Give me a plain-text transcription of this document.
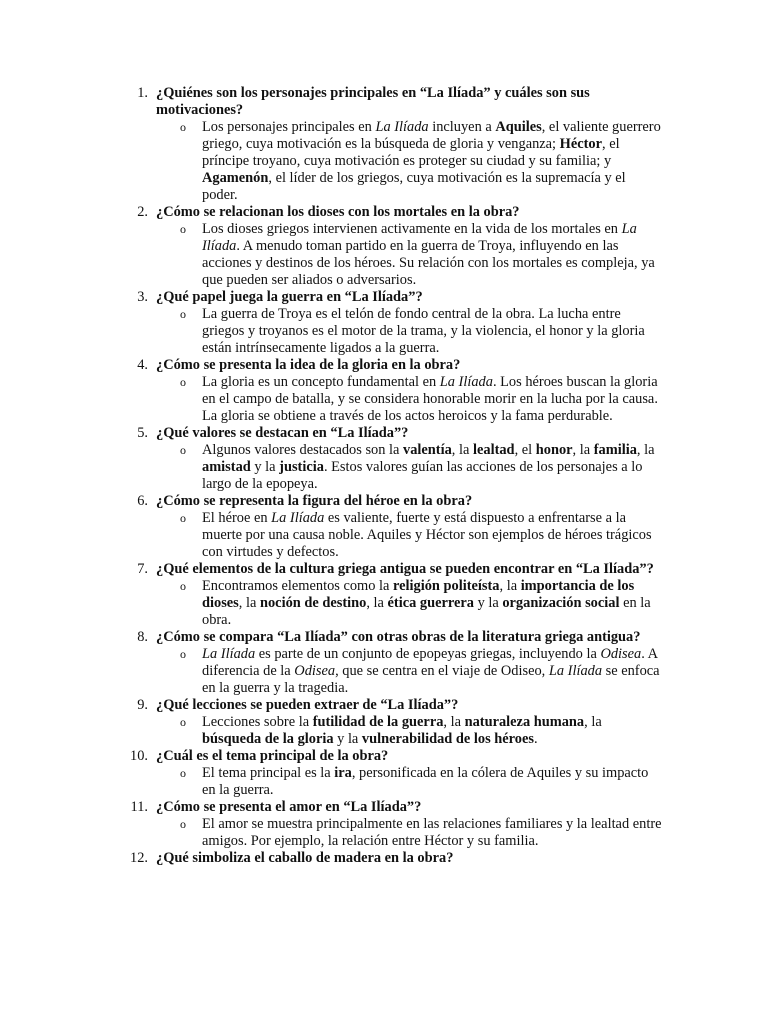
1. ¿Quiénes son los personajes principales en “La Ilíada” y cuáles son sus motivaciones?
o Los personajes principales en La Ilíada incluyen a Aquiles, el valiente guerrero griego, cuya motivación es la búsqueda de gloria y venganza; Héctor, el príncipe troyano, cuya motivación es proteger su ciudad y su familia; y Agamenón, el líder de los griegos, cuya motivación es la supremacía y el poder.
2. ¿Cómo se relacionan los dioses con los mortales en la obra?
o Los dioses griegos intervienen activamente en la vida de los mortales en La Ilíada. A menudo toman partido en la guerra de Troya, influyendo en las acciones y destinos de los héroes. Su relación con los mortales es compleja, ya que pueden ser aliados o adversarios.
3. ¿Qué papel juega la guerra en “La Ilíada”?
o La guerra de Troya es el telón de fondo central de la obra. La lucha entre griegos y troyanos es el motor de la trama, y la violencia, el honor y la gloria están intrínsecamente ligados a la guerra.
4. ¿Cómo se presenta la idea de la gloria en la obra?
o La gloria es un concepto fundamental en La Ilíada. Los héroes buscan la gloria en el campo de batalla, y se considera honorable morir en la lucha por la causa. La gloria se obtiene a través de los actos heroicos y la fama perdurable.
5. ¿Qué valores se destacan en “La Ilíada”?
o Algunos valores destacados son la valentía, la lealtad, el honor, la familia, la amistad y la justicia. Estos valores guían las acciones de los personajes a lo largo de la epopeya.
6. ¿Cómo se representa la figura del héroe en la obra?
o El héroe en La Ilíada es valiente, fuerte y está dispuesto a enfrentarse a la muerte por una causa noble. Aquiles y Héctor son ejemplos de héroes trágicos con virtudes y defectos.
7. ¿Qué elementos de la cultura griega antigua se pueden encontrar en “La Ilíada”?
o Encontramos elementos como la religión politeísta, la importancia de los dioses, la noción de destino, la ética guerrera y la organización social en la obra.
8. ¿Cómo se compara “La Ilíada” con otras obras de la literatura griega antigua?
o La Ilíada es parte de un conjunto de epopeyas griegas, incluyendo la Odisea. A diferencia de la Odisea, que se centra en el viaje de Odiseo, La Ilíada se enfoca en la guerra y la tragedia.
9. ¿Qué lecciones se pueden extraer de “La Ilíada”?
o Lecciones sobre la futilidad de la guerra, la naturaleza humana, la búsqueda de la gloria y la vulnerabilidad de los héroes.
10. ¿Cuál es el tema principal de la obra?
o El tema principal es la ira, personificada en la cólera de Aquiles y su impacto en la guerra.
11. ¿Cómo se presenta el amor en “La Ilíada”?
o El amor se muestra principalmente en las relaciones familiares y la lealtad entre amigos. Por ejemplo, la relación entre Héctor y su familia.
12. ¿Qué simboliza el caballo de madera en la obra?
